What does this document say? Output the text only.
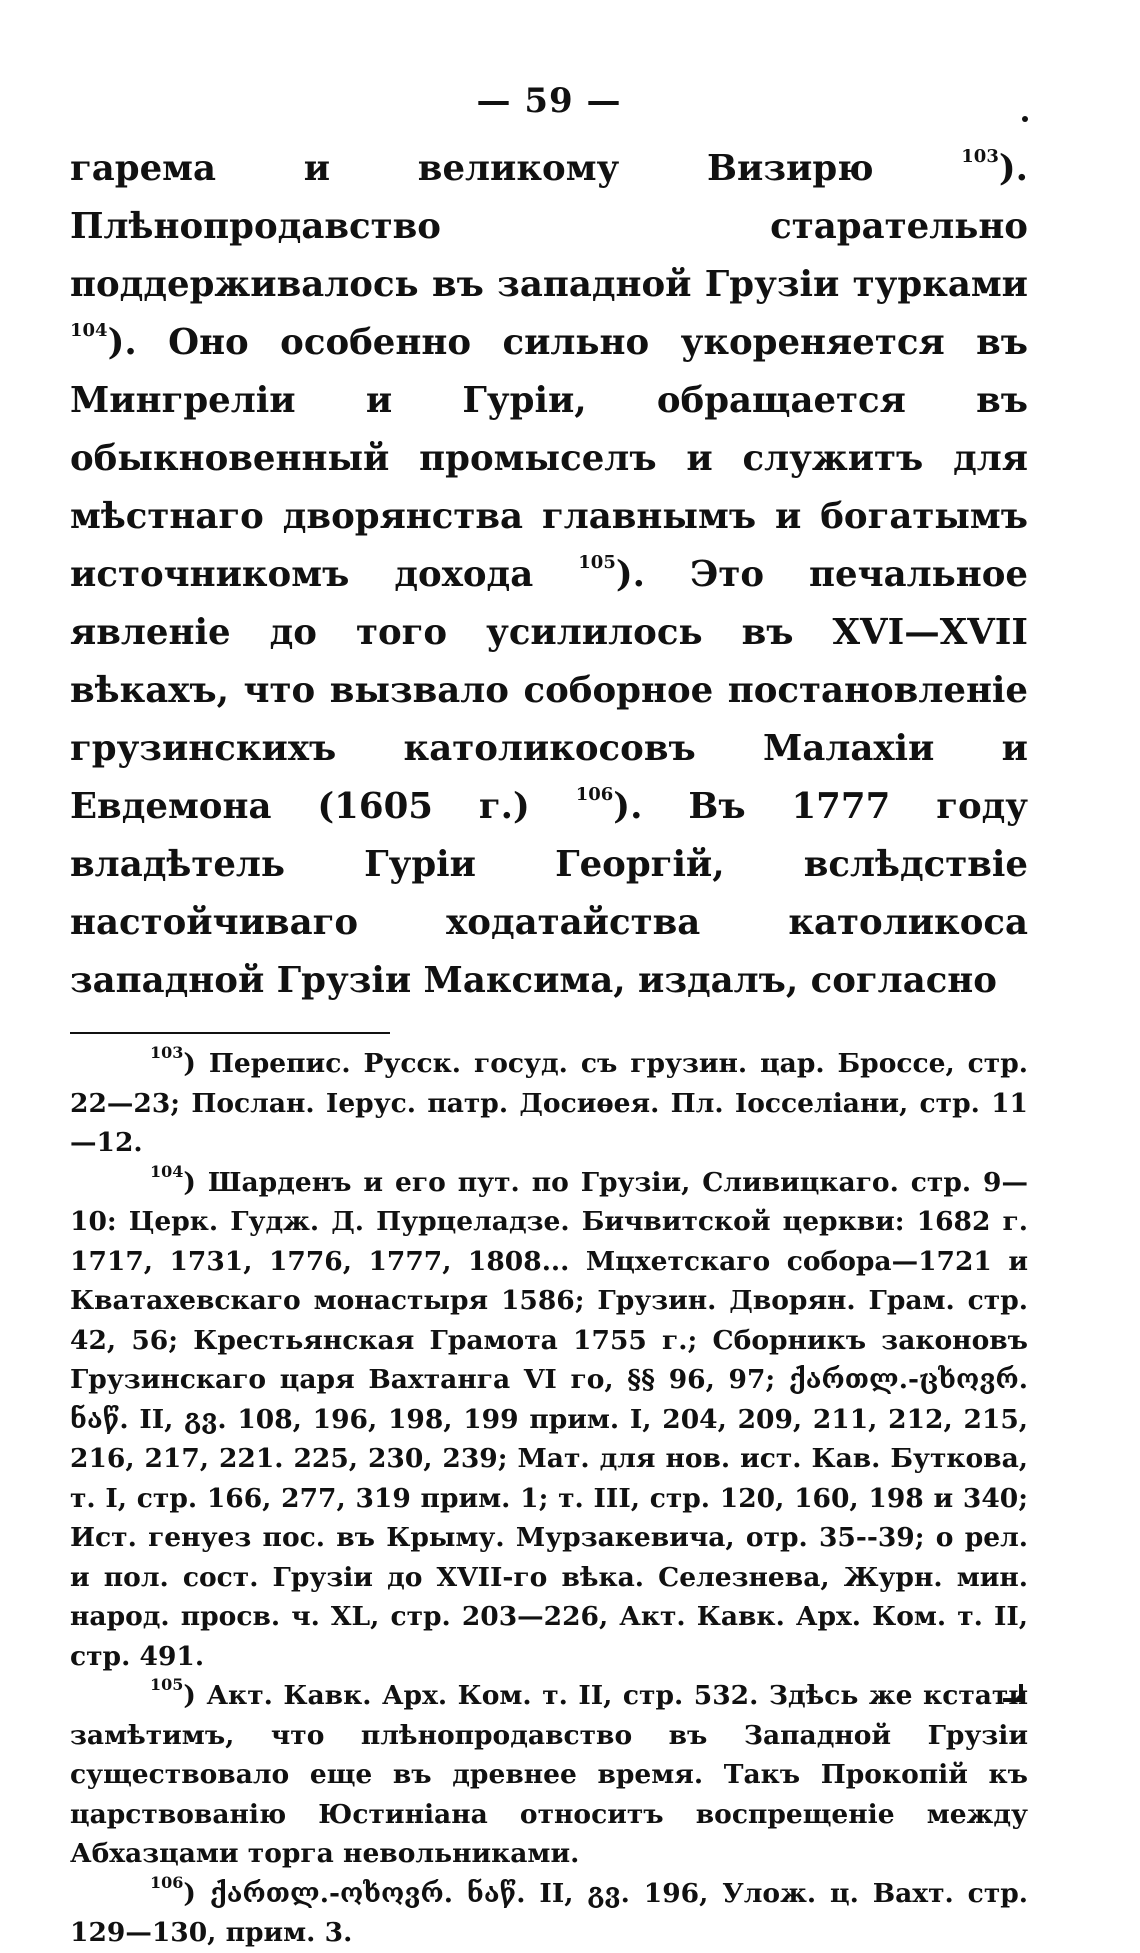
— 59 —

гарема и великому Визирю $^{103}$). Плѣнопродавство старательно поддерживалось въ западной Грузіи турками $^{104}$). Оно особенно сильно укореняется въ Мингреліи и Гуріи, обращается въ обыкновенный промыселъ и служитъ для мѣстнаго дворянства главнымъ и богатымъ источникомъ дохода $^{105}$). Это печальное явленіе до того усилилось въ XVI—XVII вѣкахъ, что вызвало соборное постановленіе грузинскихъ католикосовъ Малахіи и Евдемона (1605 г.) $^{106}$). Въ 1777 году владѣтель Гуріи Георгій, вслѣдствіе настойчиваго ходатайства католикоса западной Грузіи Максима, издалъ, согласно

$^{103}$) Перепис. Русск. госуд. съ грузин. цар. Броссе, стр. 22—23; Послан. Іерус. патр. Досиѳея. Пл. Іосселіани, стр. 11—12.

$^{104}$) Шарденъ и его пут. по Грузіи, Сливицкаго. стр. 9—10: Церк. Гудж. Д. Пурцеладзе. Бичвитской церкви: 1682 г. 1717, 1731, 1776, 1777, 1808... Мцхетскаго собора—1721 и Кватахевскаго монастыря 1586; Грузин. Дворян. Грам. стр. 42, 56; Крестьянская Грамота 1755 г.; Сборникъ законовъ Грузинскаго царя Вахтанга VI го, §§ 96, 97; ქართლ.-ცხოვრ. ნაწ. II, გვ. 108, 196, 198, 199 прим. I, 204, 209, 211, 212, 215, 216, 217, 221. 225, 230, 239; Мат. для нов. ист. Кав. Буткова, т. I, стр. 166, 277, 319 прим. 1; т. III, стр. 120, 160, 198 и 340; Ист. генуез пос. въ Крыму. Мурзакевича, отр. 35--39; о рел. и пол. сост. Грузіи до XVII-го вѣка. Селезнева, Журн. мин. народ. просв. ч. XL, стр. 203—226, Акт. Кавк. Арх. Ком. т. II, стр. 491.

$^{105}$) Акт. Кавк. Арх. Ком. т. II, стр. 532. Здѣсь же кстати замѣтимъ, что плѣнопродавство въ Западной Грузіи существовало еще въ древнее время. Такъ Прокопій къ царствованію Юстиніана относитъ воспрещеніе между Абхазцами торга невольниками.

$^{106}$) ქართლ.-ოხოვრ. ნაწ. II, გვ. 196, Улож. ц. Вахт. стр. 129—130, прим. 3.
